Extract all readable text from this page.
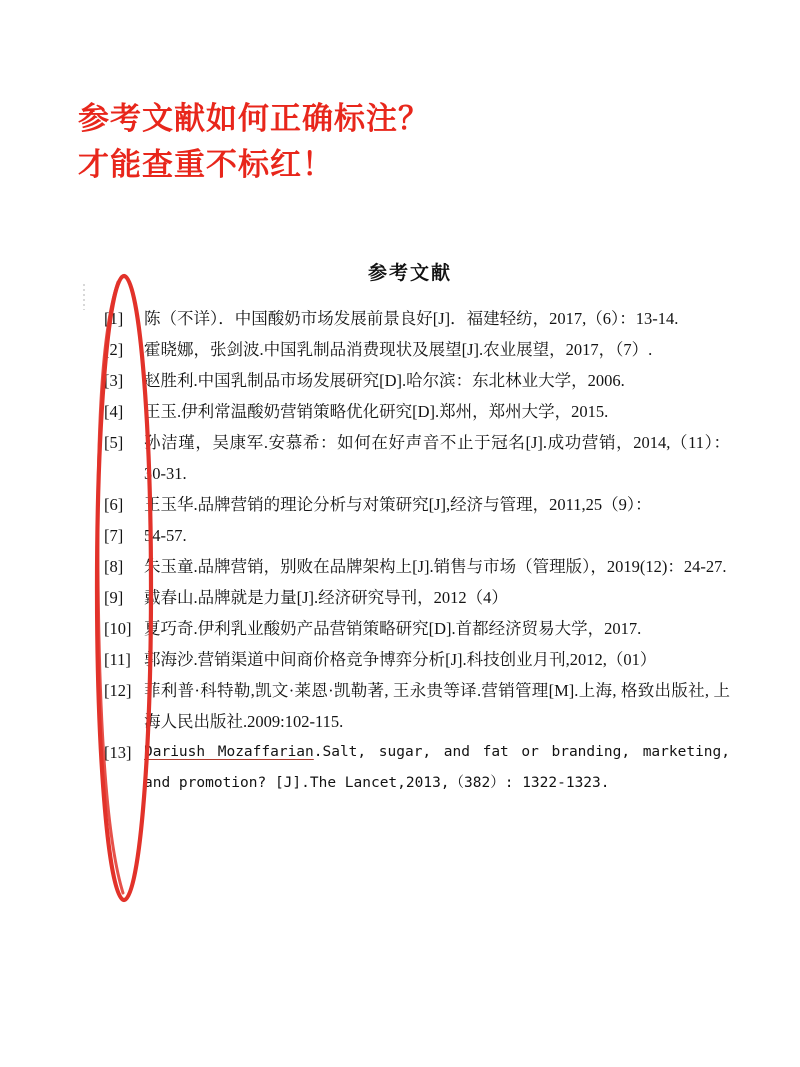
参考文献如何正确标注？
才能查重不标红！
参考文献
[1]	陈（不详）．中国酸奶市场发展前景良好[J]．福建轻纺，2017,（6）：13-14.
[2]	霍晓娜，张剑波.中国乳制品消费现状及展望[J].农业展望，2017，（7）.
[3]	赵胜利.中国乳制品市场发展研究[D].哈尔滨：东北林业大学，2006.
[4]	王玉.伊利常温酸奶营销策略优化研究[D].郑州，郑州大学，2015.
[5]	孙洁瑾，吴康军.安慕希：如何在好声音不止于冠名[J].成功营销，2014,（11）：30-31.
[6]	王玉华.品牌营销的理论分析与对策研究[J],经济与管理，2011,25（9）：
[7]	54-57.
[8]	朱玉童.品牌营销，别败在品牌架构上[J].销售与市场（管理版），2019(12)：24-27.
[9]	戴春山.品牌就是力量[J].经济研究导刊，2012（4）
[10] 夏巧奇.伊利乳业酸奶产品营销策略研究[D].首都经济贸易大学，2017.
[11] 郭海沙.营销渠道中间商价格竞争博弈分析[J].科技创业月刊,2012,（01）
[12] 菲利普·科特勒,凯文·莱恩·凯勒著, 王永贵等译.营销管理[M].上海, 格致出版社, 上海人民出版社.2009:102-115.
[13] Dariush Mozaffarian.Salt, sugar, and fat or branding, marketing, and promotion? [J].The Lancet,2013,（382）: 1322-1323.
